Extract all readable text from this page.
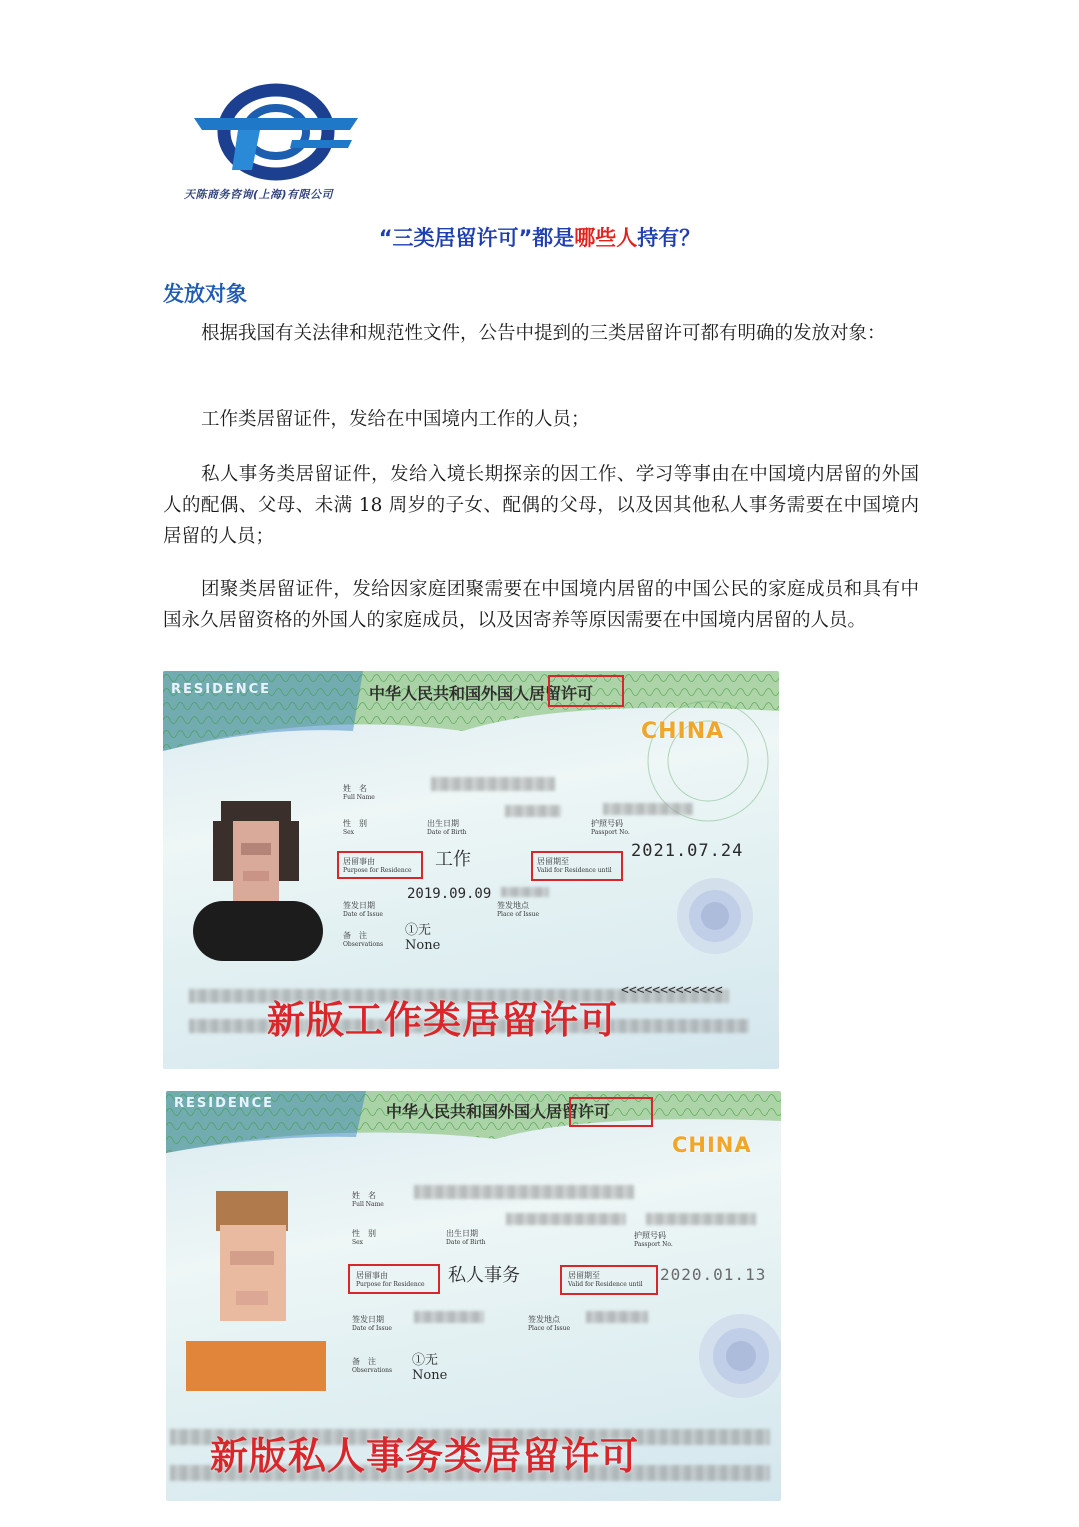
天陈商务咨询(上海)有限公司
“三类居留许可”都是哪些人持有？
发放对象

根据我国有关法律和规范性文件，公告中提到的三类居留许可都有明确的发放对象：

工作类居留证件，发给在中国境内工作的人员；

私人事务类居留证件，发给入境长期探亲的因工作、学习等事由在中国境内居留的外国人的配偶、父母、未满 18 周岁的子女、配偶的父母，以及因其他私人事务需要在中国境内居留的人员；

团聚类居留证件，发给因家庭团聚需要在中国境内居留的中国公民的家庭成员和具有中国永久居留资格的外国人的家庭成员，以及因寄养等原因需要在中国境内居留的人员。

RESIDENCE	中华人民共和国外国人居留许可
CHINA
姓　名
Full Name
性　别
Sex
出生日期
Date of Birth
护照号码
Passport No.
居留事由
Purpose for Residence
工作	居留期至
Valid for Residence until
2021.07.24
2019.09.09
签发日期
Date of Issue
签发地点
Place of Issue
备　注
Observations
①无
None
<<<<<<<<<<<<<
新版工作类居留许可
RESIDENCE	中华人民共和国外国人居留许可
CHINA
姓　名
Full Name
性　别
Sex
出生日期
Date of Birth
护照号码
Passport No.
居留事由
Purpose for Residence 私人事务	居留期至
Valid for Residence until
2020.01.13
签发日期
Date of Issue
签发地点
Place of Issue
备　注
Observations
①无
None
新版私人事务类居留许可
